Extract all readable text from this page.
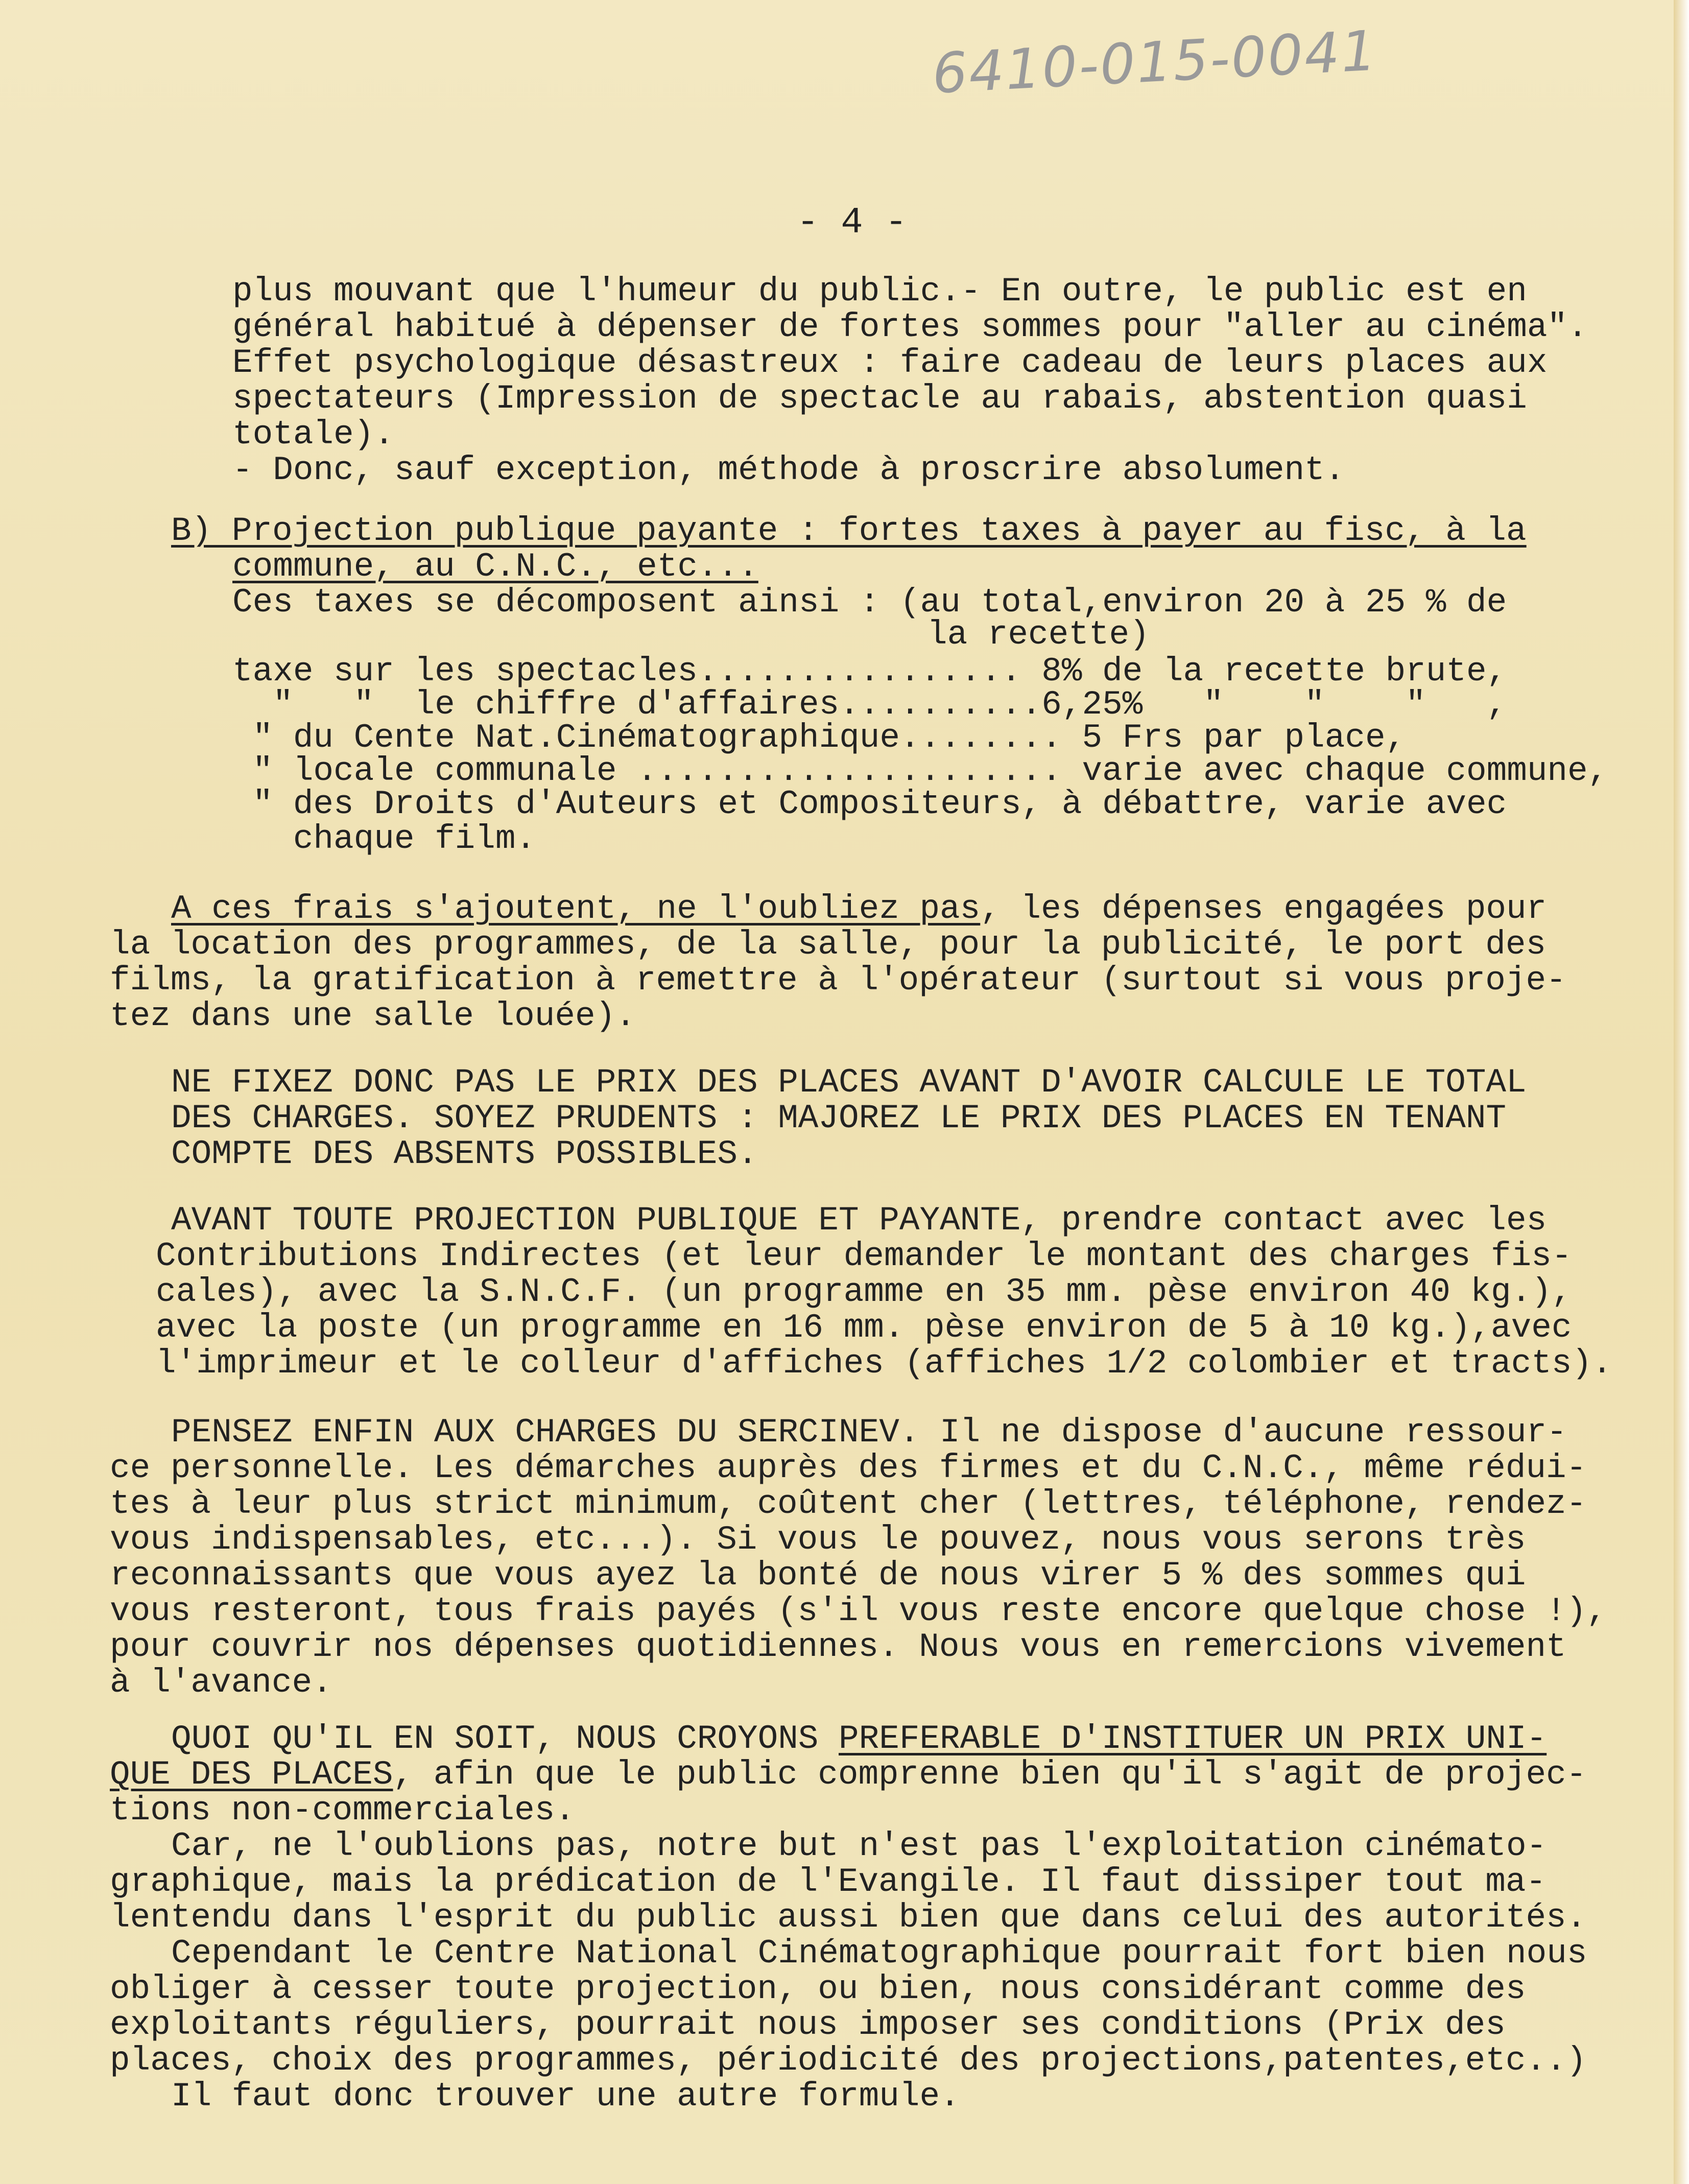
6410-015-0041
- 4 -
plus mouvant que l'humeur du public.- En outre, le public est en
général habitué à dépenser de fortes sommes pour "aller au cinéma".
Effet psychologique désastreux : faire cadeau de leurs places aux
spectateurs (Impression de spectacle au rabais, abstention quasi
totale).
- Donc, sauf exception, méthode à proscrire absolument.
B) Projection publique payante : fortes taxes à payer au fisc, à la
commune, au C.N.C., etc...
Ces taxes se décomposent ainsi : (au total,environ 20 à 25 % de
la recette)
taxe sur les spectacles................ 8% de la recette brute,
"   "  le chiffre d'affaires..........6,25%   "    "    "   ,
" du Cente Nat.Cinématographique........ 5 Frs par place,
" locale communale ..................... varie avec chaque commune,
" des Droits d'Auteurs et Compositeurs, à débattre, varie avec
chaque film.
A ces frais s'ajoutent, ne l'oubliez pas, les dépenses engagées pour
la location des programmes, de la salle, pour la publicité, le port des
films, la gratification à remettre à l'opérateur (surtout si vous proje-
tez dans une salle louée).
NE FIXEZ DONC PAS LE PRIX DES PLACES AVANT D'AVOIR CALCULE LE TOTAL
DES CHARGES. SOYEZ PRUDENTS : MAJOREZ LE PRIX DES PLACES EN TENANT
COMPTE DES ABSENTS POSSIBLES.
AVANT TOUTE PROJECTION PUBLIQUE ET PAYANTE, prendre contact avec les
Contributions Indirectes (et leur demander le montant des charges fis-
cales), avec la S.N.C.F. (un programme en 35 mm. pèse environ 40 kg.),
avec la poste (un programme en 16 mm. pèse environ de 5 à 10 kg.),avec
l'imprimeur et le colleur d'affiches (affiches 1/2 colombier et tracts).
PENSEZ ENFIN AUX CHARGES DU SERCINEV. Il ne dispose d'aucune ressour-
ce personnelle. Les démarches auprès des firmes et du C.N.C., même rédui-
tes à leur plus strict minimum, coûtent cher (lettres, téléphone, rendez-
vous indispensables, etc...). Si vous le pouvez, nous vous serons très
reconnaissants que vous ayez la bonté de nous virer 5 % des sommes qui
vous resteront, tous frais payés (s'il vous reste encore quelque chose !),
pour couvrir nos dépenses quotidiennes. Nous vous en remercions vivement
à l'avance.
QUOI QU'IL EN SOIT, NOUS CROYONS PREFERABLE D'INSTITUER UN PRIX UNI-
QUE DES PLACES, afin que le public comprenne bien qu'il s'agit de projec-
tions non-commerciales.
Car, ne l'oublions pas, notre but n'est pas l'exploitation cinémato-
graphique, mais la prédication de l'Evangile. Il faut dissiper tout ma-
lentendu dans l'esprit du public aussi bien que dans celui des autorités.
Cependant le Centre National Cinématographique pourrait fort bien nous
obliger à cesser toute projection, ou bien, nous considérant comme des
exploitants réguliers, pourrait nous imposer ses conditions (Prix des
places, choix des programmes, périodicité des projections,patentes,etc..)
Il faut donc trouver une autre formule.
